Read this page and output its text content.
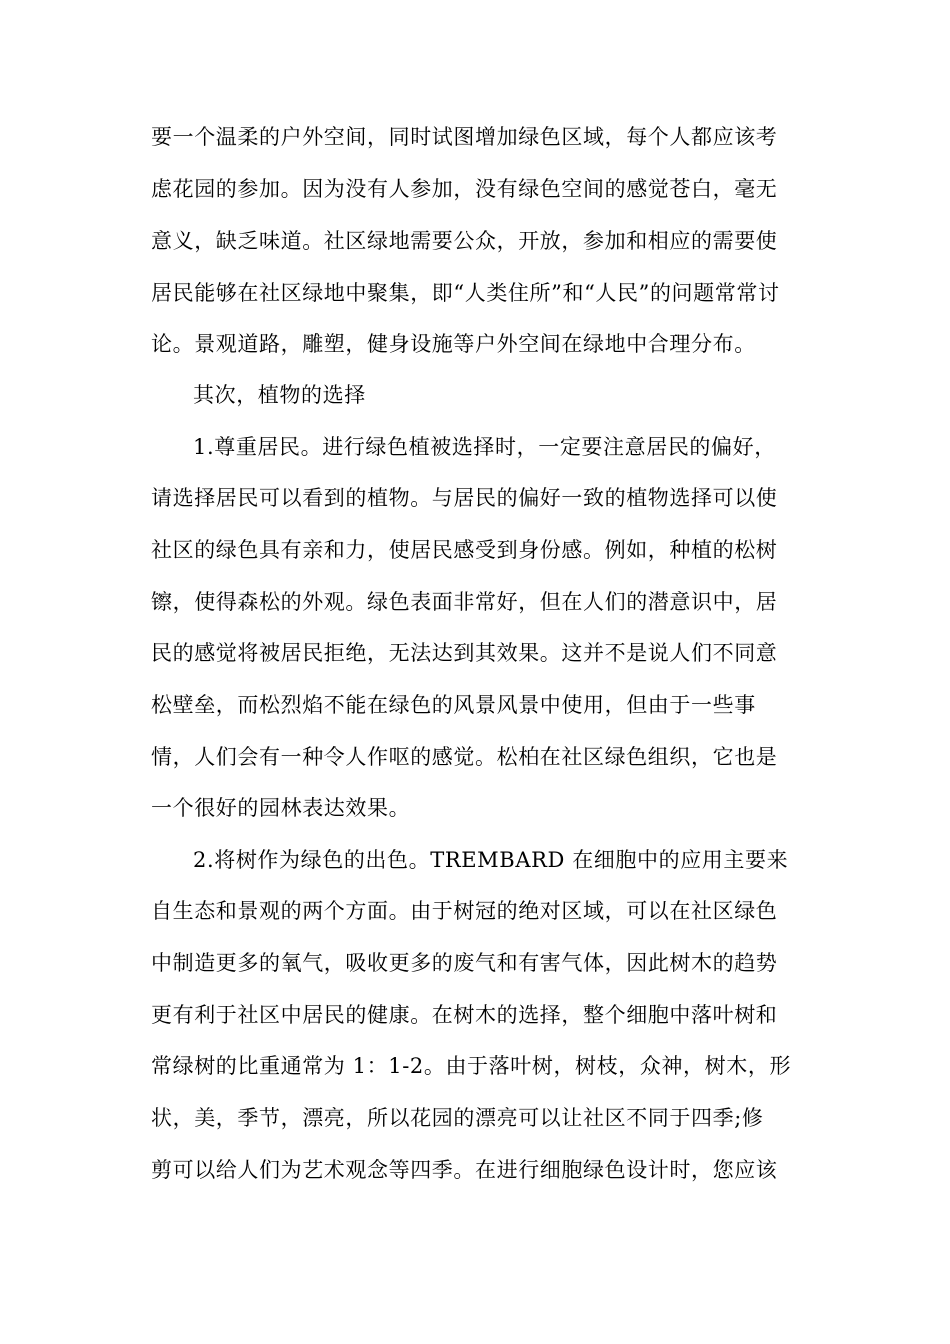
要一个温柔的户外空间，同时试图增加绿色区域，每个人都应该考
虑花园的参加。因为没有人参加，没有绿色空间的感觉苍白，毫无
意义，缺乏味道。社区绿地需要公众，开放，参加和相应的需要使
居民能够在社区绿地中聚集，即“人类住所”和“人民”的问题常常讨
论。景观道路，雕塑，健身设施等户外空间在绿地中合理分布。
其次，植物的选择
1.尊重居民。进行绿色植被选择时，一定要注意居民的偏好，
请选择居民可以看到的植物。与居民的偏好一致的植物选择可以使
社区的绿色具有亲和力，使居民感受到身份感。例如，种植的松树
镲，使得森松的外观。绿色表面非常好，但在人们的潜意识中，居
民的感觉将被居民拒绝，无法达到其效果。这并不是说人们不同意
松壁垒，而松烈焰不能在绿色的风景风景中使用，但由于一些事
情，人们会有一种令人作呕的感觉。松柏在社区绿色组织，它也是
一个很好的园林表达效果。
2.将树作为绿色的出色。TREMBARD 在细胞中的应用主要来
自生态和景观的两个方面。由于树冠的绝对区域，可以在社区绿色
中制造更多的氧气，吸收更多的废气和有害气体，因此树木的趋势
更有利于社区中居民的健康。在树木的选择，整个细胞中落叶树和
常绿树的比重通常为 1：1-2。由于落叶树，树枝，众神，树木，形
状，美，季节，漂亮，所以花园的漂亮可以让社区不同于四季;修
剪可以给人们为艺术观念等四季。在进行细胞绿色设计时，您应该
